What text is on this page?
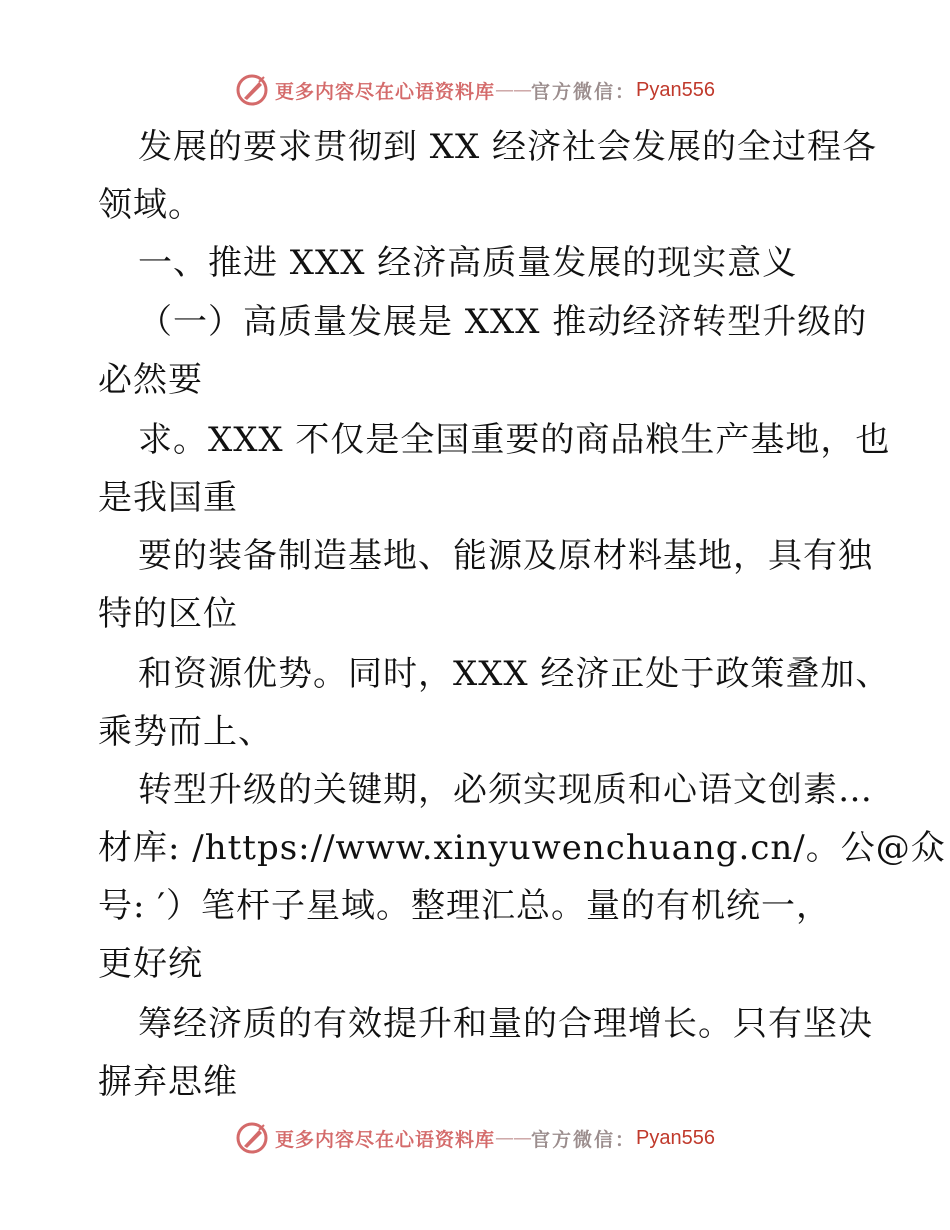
更多内容尽在心语资料库 —— 官方微信： Pyan556
发展的要求贯彻到 XX 经济社会发展的全过程各
领域。
一、推进 XXX 经济高质量发展的现实意义
（一）高质量发展是 XXX 推动经济转型升级的
必然要
求。XXX 不仅是全国重要的商品粮生产基地，也
是我国重
要的装备制造基地、能源及原材料基地，具有独
特的区位
和资源优势。同时，XXX 经济正处于政策叠加、
乘势而上、
转型升级的关键期，必须实现质和心语文创素…
材库: /https://www.xinyuwenchuang.cn/。公@众
号: ′）笔杆子星域。整理汇总。量的有机统一，
更好统
筹经济质的有效提升和量的合理增长。只有坚决
摒弃思维
更多内容尽在心语资料库 —— 官方微信： Pyan556
